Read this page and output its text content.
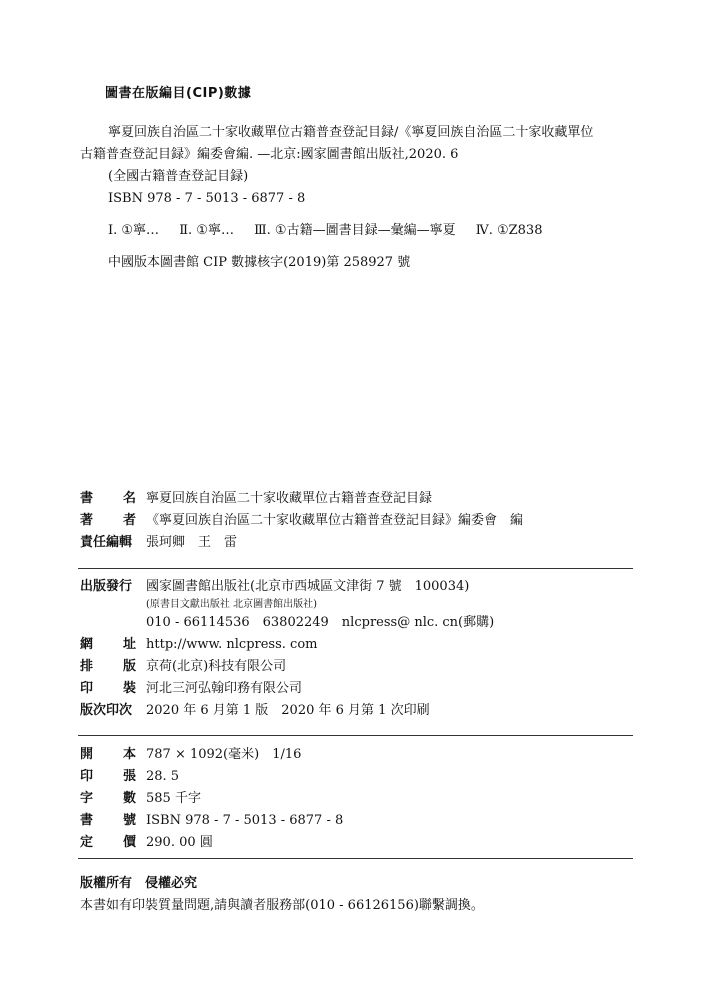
圖書在版編目(CIP)數據
寧夏回族自治區二十家收藏單位古籍普查登記目録/《寧夏回族自治區二十家收藏單位
古籍普查登記目録》編委會編. —北京:國家圖書館出版社,2020. 6
(全國古籍普查登記目録)
ISBN 978 - 7 - 5013 - 6877 - 8
Ⅰ. ①寧… Ⅱ. ①寧… Ⅲ. ①古籍—圖書目録—彙編—寧夏 Ⅳ. ①Z838
中國版本圖書館 CIP 數據核字(2019)第 258927 號
書 名 寧夏回族自治區二十家收藏單位古籍普查登記目録
著 者 《寧夏回族自治區二十家收藏單位古籍普查登記目録》編委會　編
責任編輯	張珂卿　王　雷
出版發行	國家圖書館出版社(北京市西城區文津街 7 號　100034)
(原書目文獻出版社 北京圖書館出版社)
010 - 66114536　63802249　nlcpress@ nlc. cn(郵購)
網 址 http://www. nlcpress. com
排 版 京荷(北京)科技有限公司
印 裝 河北三河弘翰印務有限公司
版次印次	2020 年 6 月第 1 版　2020 年 6 月第 1 次印刷
開 本 787 × 1092(毫米)　1/16
印 張 28. 5
字 數 585 千字
書 號 ISBN 978 - 7 - 5013 - 6877 - 8
定 價 290. 00 圓
版權所有　侵權必究
本書如有印裝質量問題,請與讀者服務部(010 - 66126156)聯繫調換。
